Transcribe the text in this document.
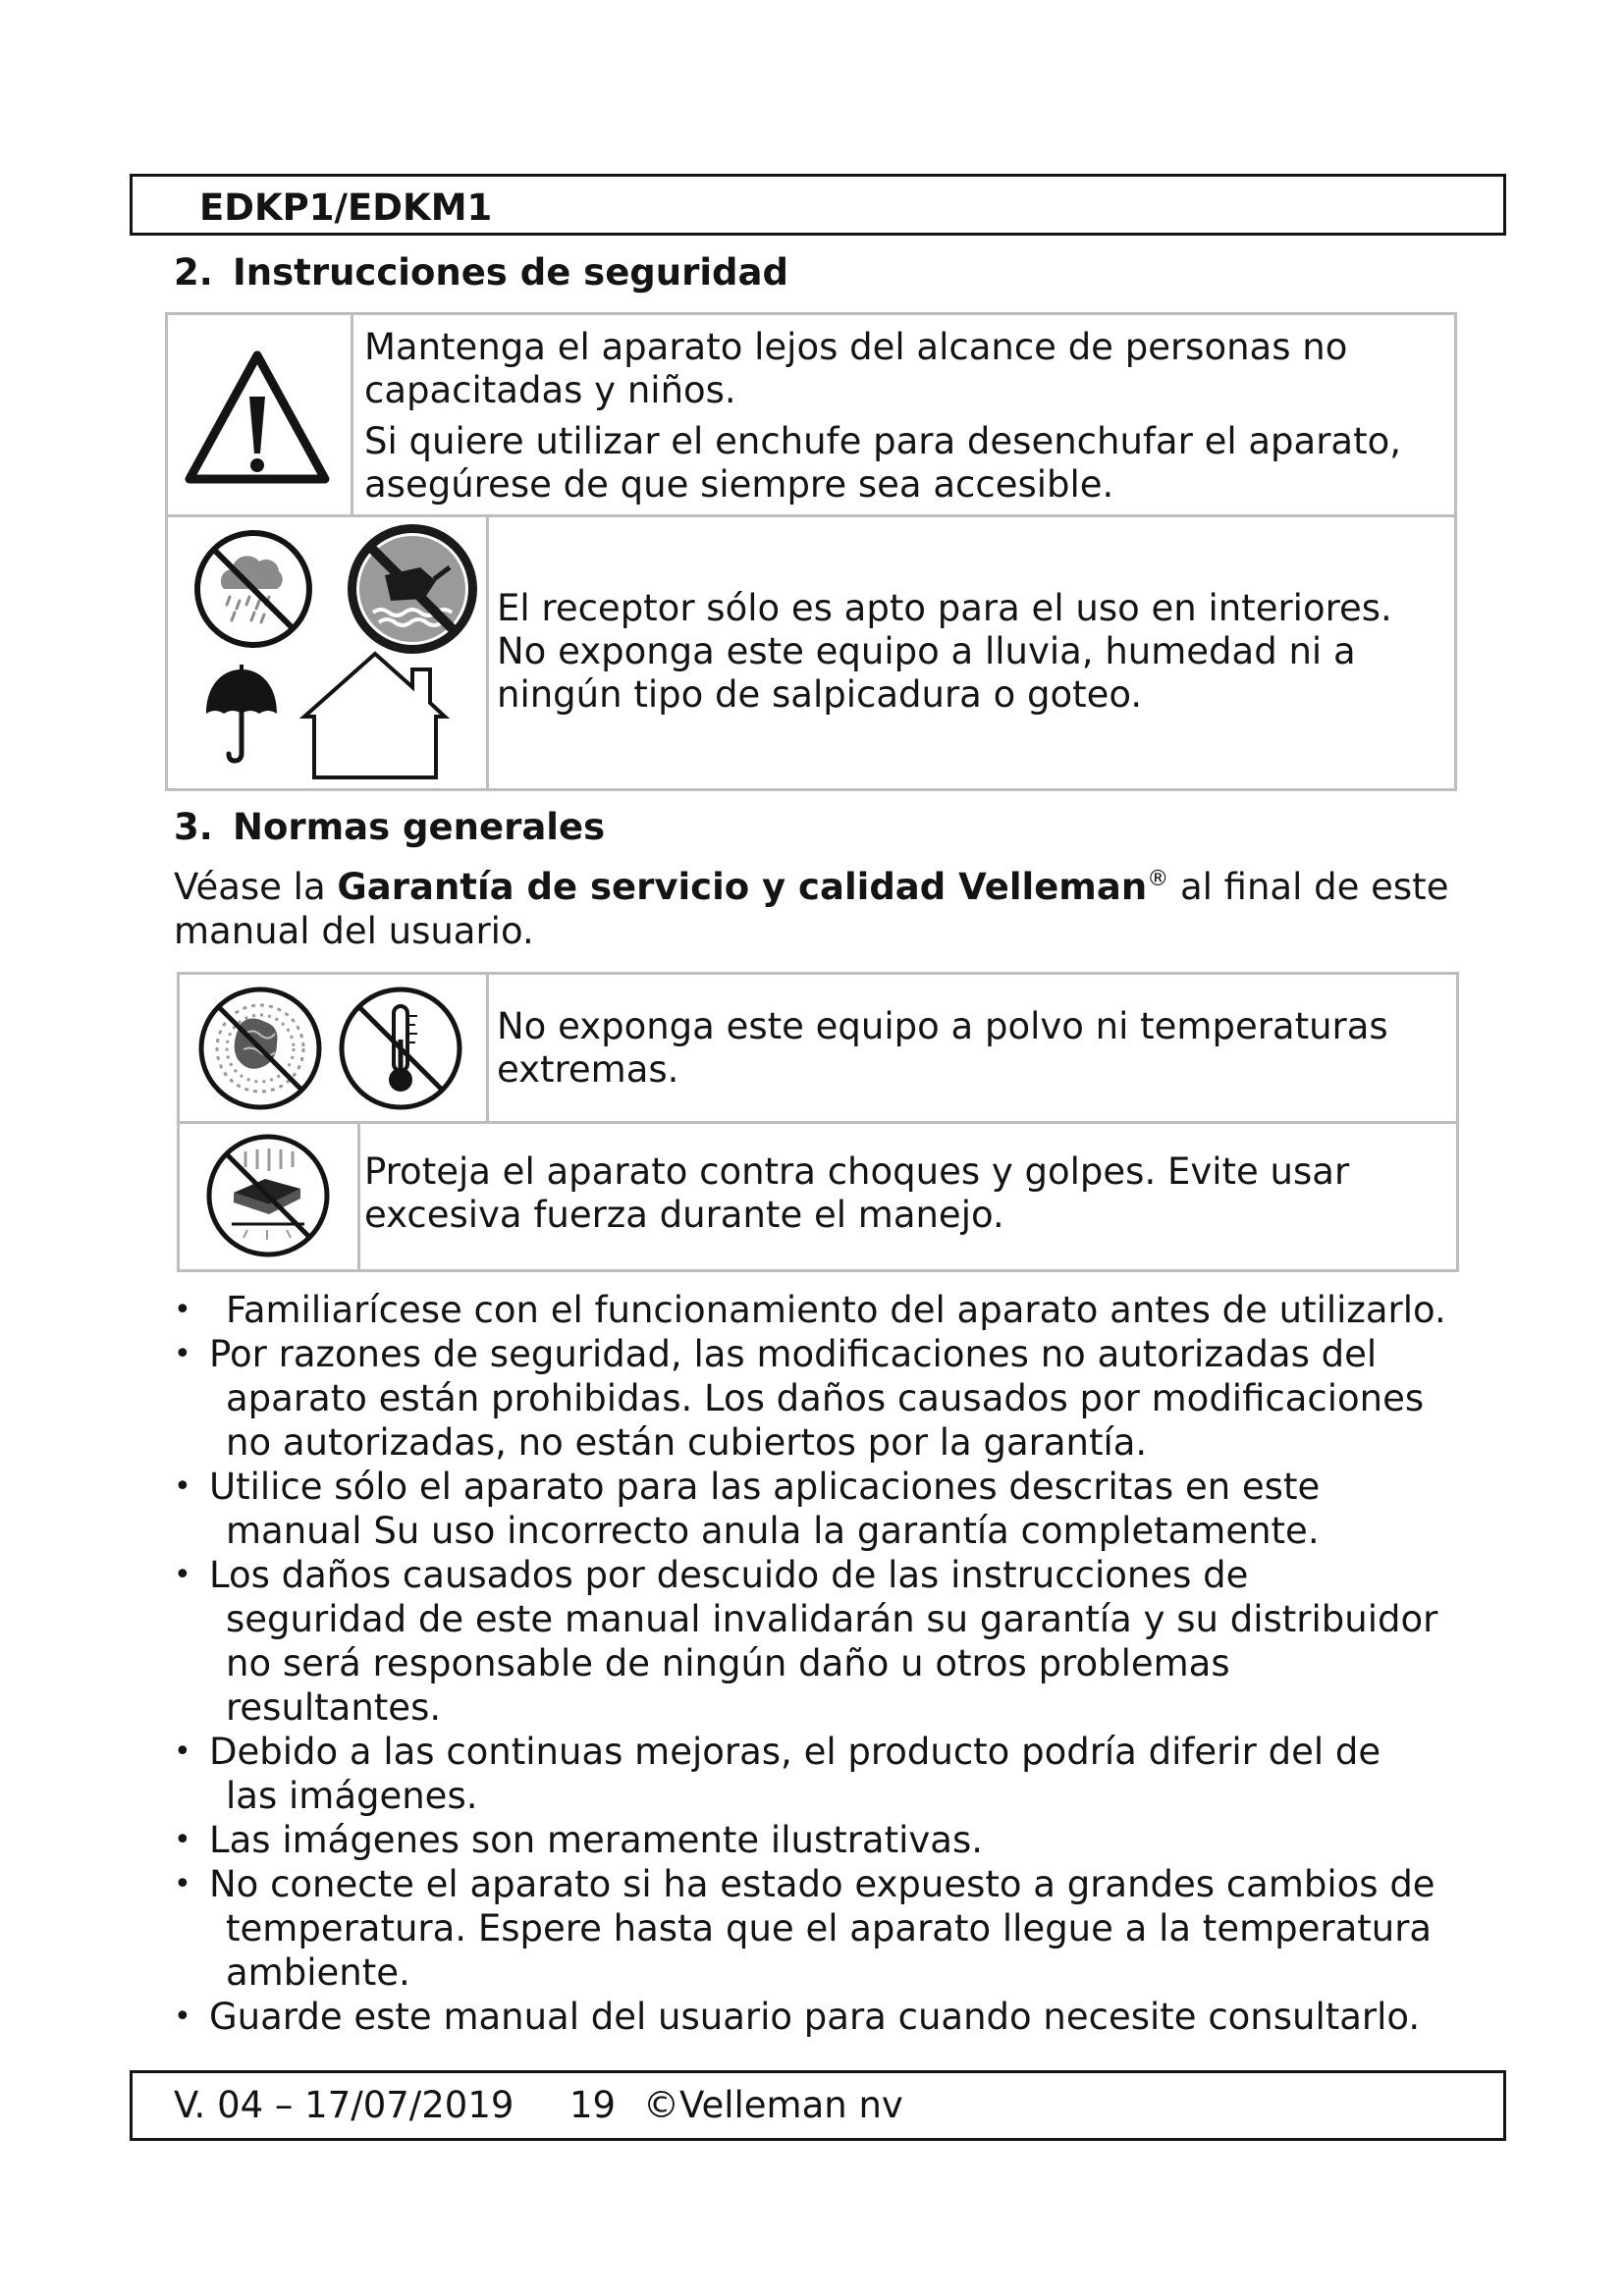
EDKP1/EDKM1
2. Instrucciones de seguridad
Mantenga el aparato lejos del alcance de personas no
capacitadas y niños.
Si quiere utilizar el enchufe para desenchufar el aparato,
asegúrese de que siempre sea accesible.
El receptor sólo es apto para el uso en interiores.
No exponga este equipo a lluvia, humedad ni a
ningún tipo de salpicadura o goteo.
3. Normas generales
Véase la Garantía de servicio y calidad Velleman® al final de este
manual del usuario.
No exponga este equipo a polvo ni temperaturas
extremas.
Proteja el aparato contra choques y golpes. Evite usar
excesiva fuerza durante el manejo.
• Familiarícese con el funcionamiento del aparato antes de utilizarlo.
• Por razones de seguridad, las modificaciones no autorizadas del
aparato están prohibidas. Los daños causados por modificaciones
no autorizadas, no están cubiertos por la garantía.
• Utilice sólo el aparato para las aplicaciones descritas en este
manual Su uso incorrecto anula la garantía completamente.
• Los daños causados por descuido de las instrucciones de
seguridad de este manual invalidarán su garantía y su distribuidor
no será responsable de ningún daño u otros problemas
resultantes.
• Debido a las continuas mejoras, el producto podría diferir del de
las imágenes.
• Las imágenes son meramente ilustrativas.
• No conecte el aparato si ha estado expuesto a grandes cambios de
temperatura. Espere hasta que el aparato llegue a la temperatura
ambiente.
• Guarde este manual del usuario para cuando necesite consultarlo.
V. 04 – 17/07/2019 19 ©Velleman nv
